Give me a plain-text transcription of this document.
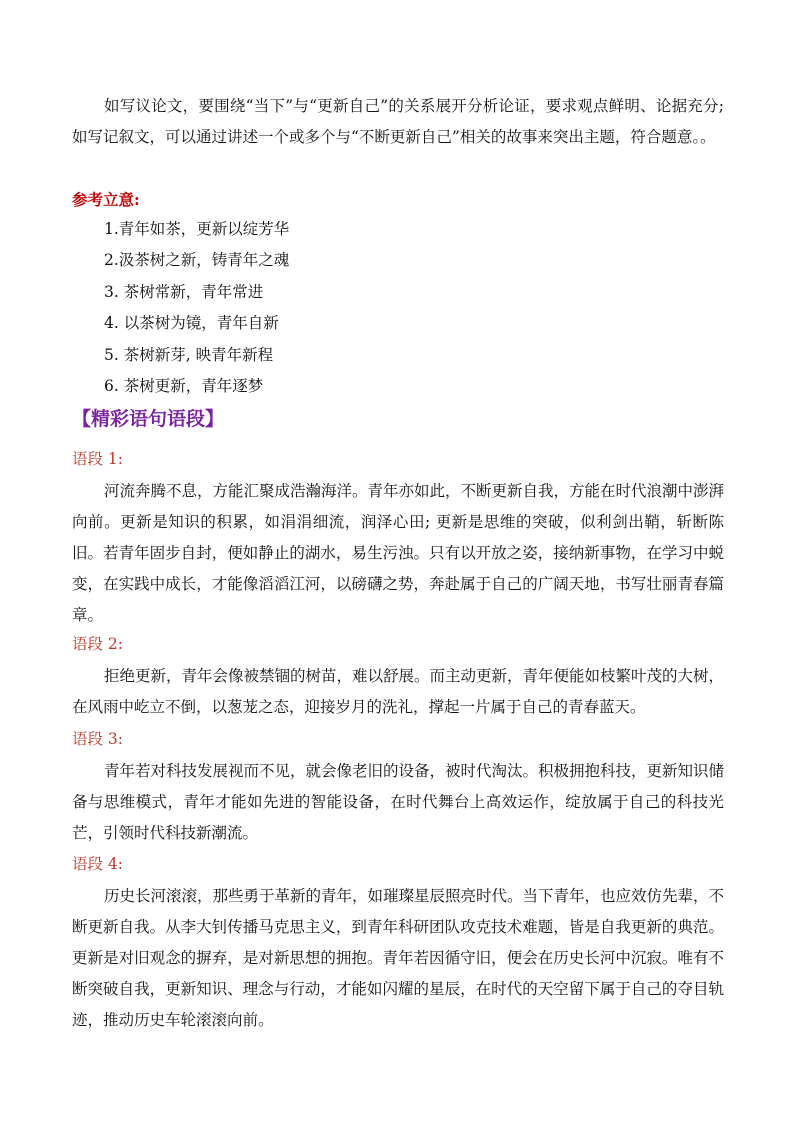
如写议论文，要围绕“当下”与“更新自己”的关系展开分析论证，要求观点鲜明、论据充分; 如写记叙文，可以通过讲述一个或多个与“不断更新自己”相关的故事来突出主题，符合题意。。

参考立意:

1.青年如茶，更新以绽芳华
2.汲茶树之新，铸青年之魂
3. 茶树常新，青年常进
4. 以茶树为镜，青年自新
5. 茶树新芽, 映青年新程
6. 茶树更新，青年逐梦

【精彩语句语段】

语段 1:

河流奔腾不息，方能汇聚成浩瀚海洋。青年亦如此，不断更新自我，方能在时代浪潮中澎湃向前。更新是知识的积累，如涓涓细流，润泽心田; 更新是思维的突破，似利剑出鞘，斩断陈旧。若青年固步自封，便如静止的湖水，易生污浊。只有以开放之姿，接纳新事物，在学习中蜕变，在实践中成长，才能像滔滔江河，以磅礴之势，奔赴属于自己的广阔天地，书写壮丽青春篇章。

语段 2:

拒绝更新，青年会像被禁锢的树苗，难以舒展。而主动更新，青年便能如枝繁叶茂的大树，在风雨中屹立不倒，以葱茏之态，迎接岁月的洗礼，撑起一片属于自己的青春蓝天。

语段 3:

青年若对科技发展视而不见，就会像老旧的设备，被时代淘汰。积极拥抱科技，更新知识储备与思维模式，青年才能如先进的智能设备，在时代舞台上高效运作，绽放属于自己的科技光芒，引领时代科技新潮流。

语段 4:

历史长河滚滚，那些勇于革新的青年，如璀璨星辰照亮时代。当下青年，也应效仿先辈，不断更新自我。从李大钊传播马克思主义，到青年科研团队攻克技术难题，皆是自我更新的典范。更新是对旧观念的摒弃，是对新思想的拥抱。青年若因循守旧，便会在历史长河中沉寂。唯有不断突破自我，更新知识、理念与行动，才能如闪耀的星辰，在时代的天空留下属于自己的夺目轨迹，推动历史车轮滚滚向前。
